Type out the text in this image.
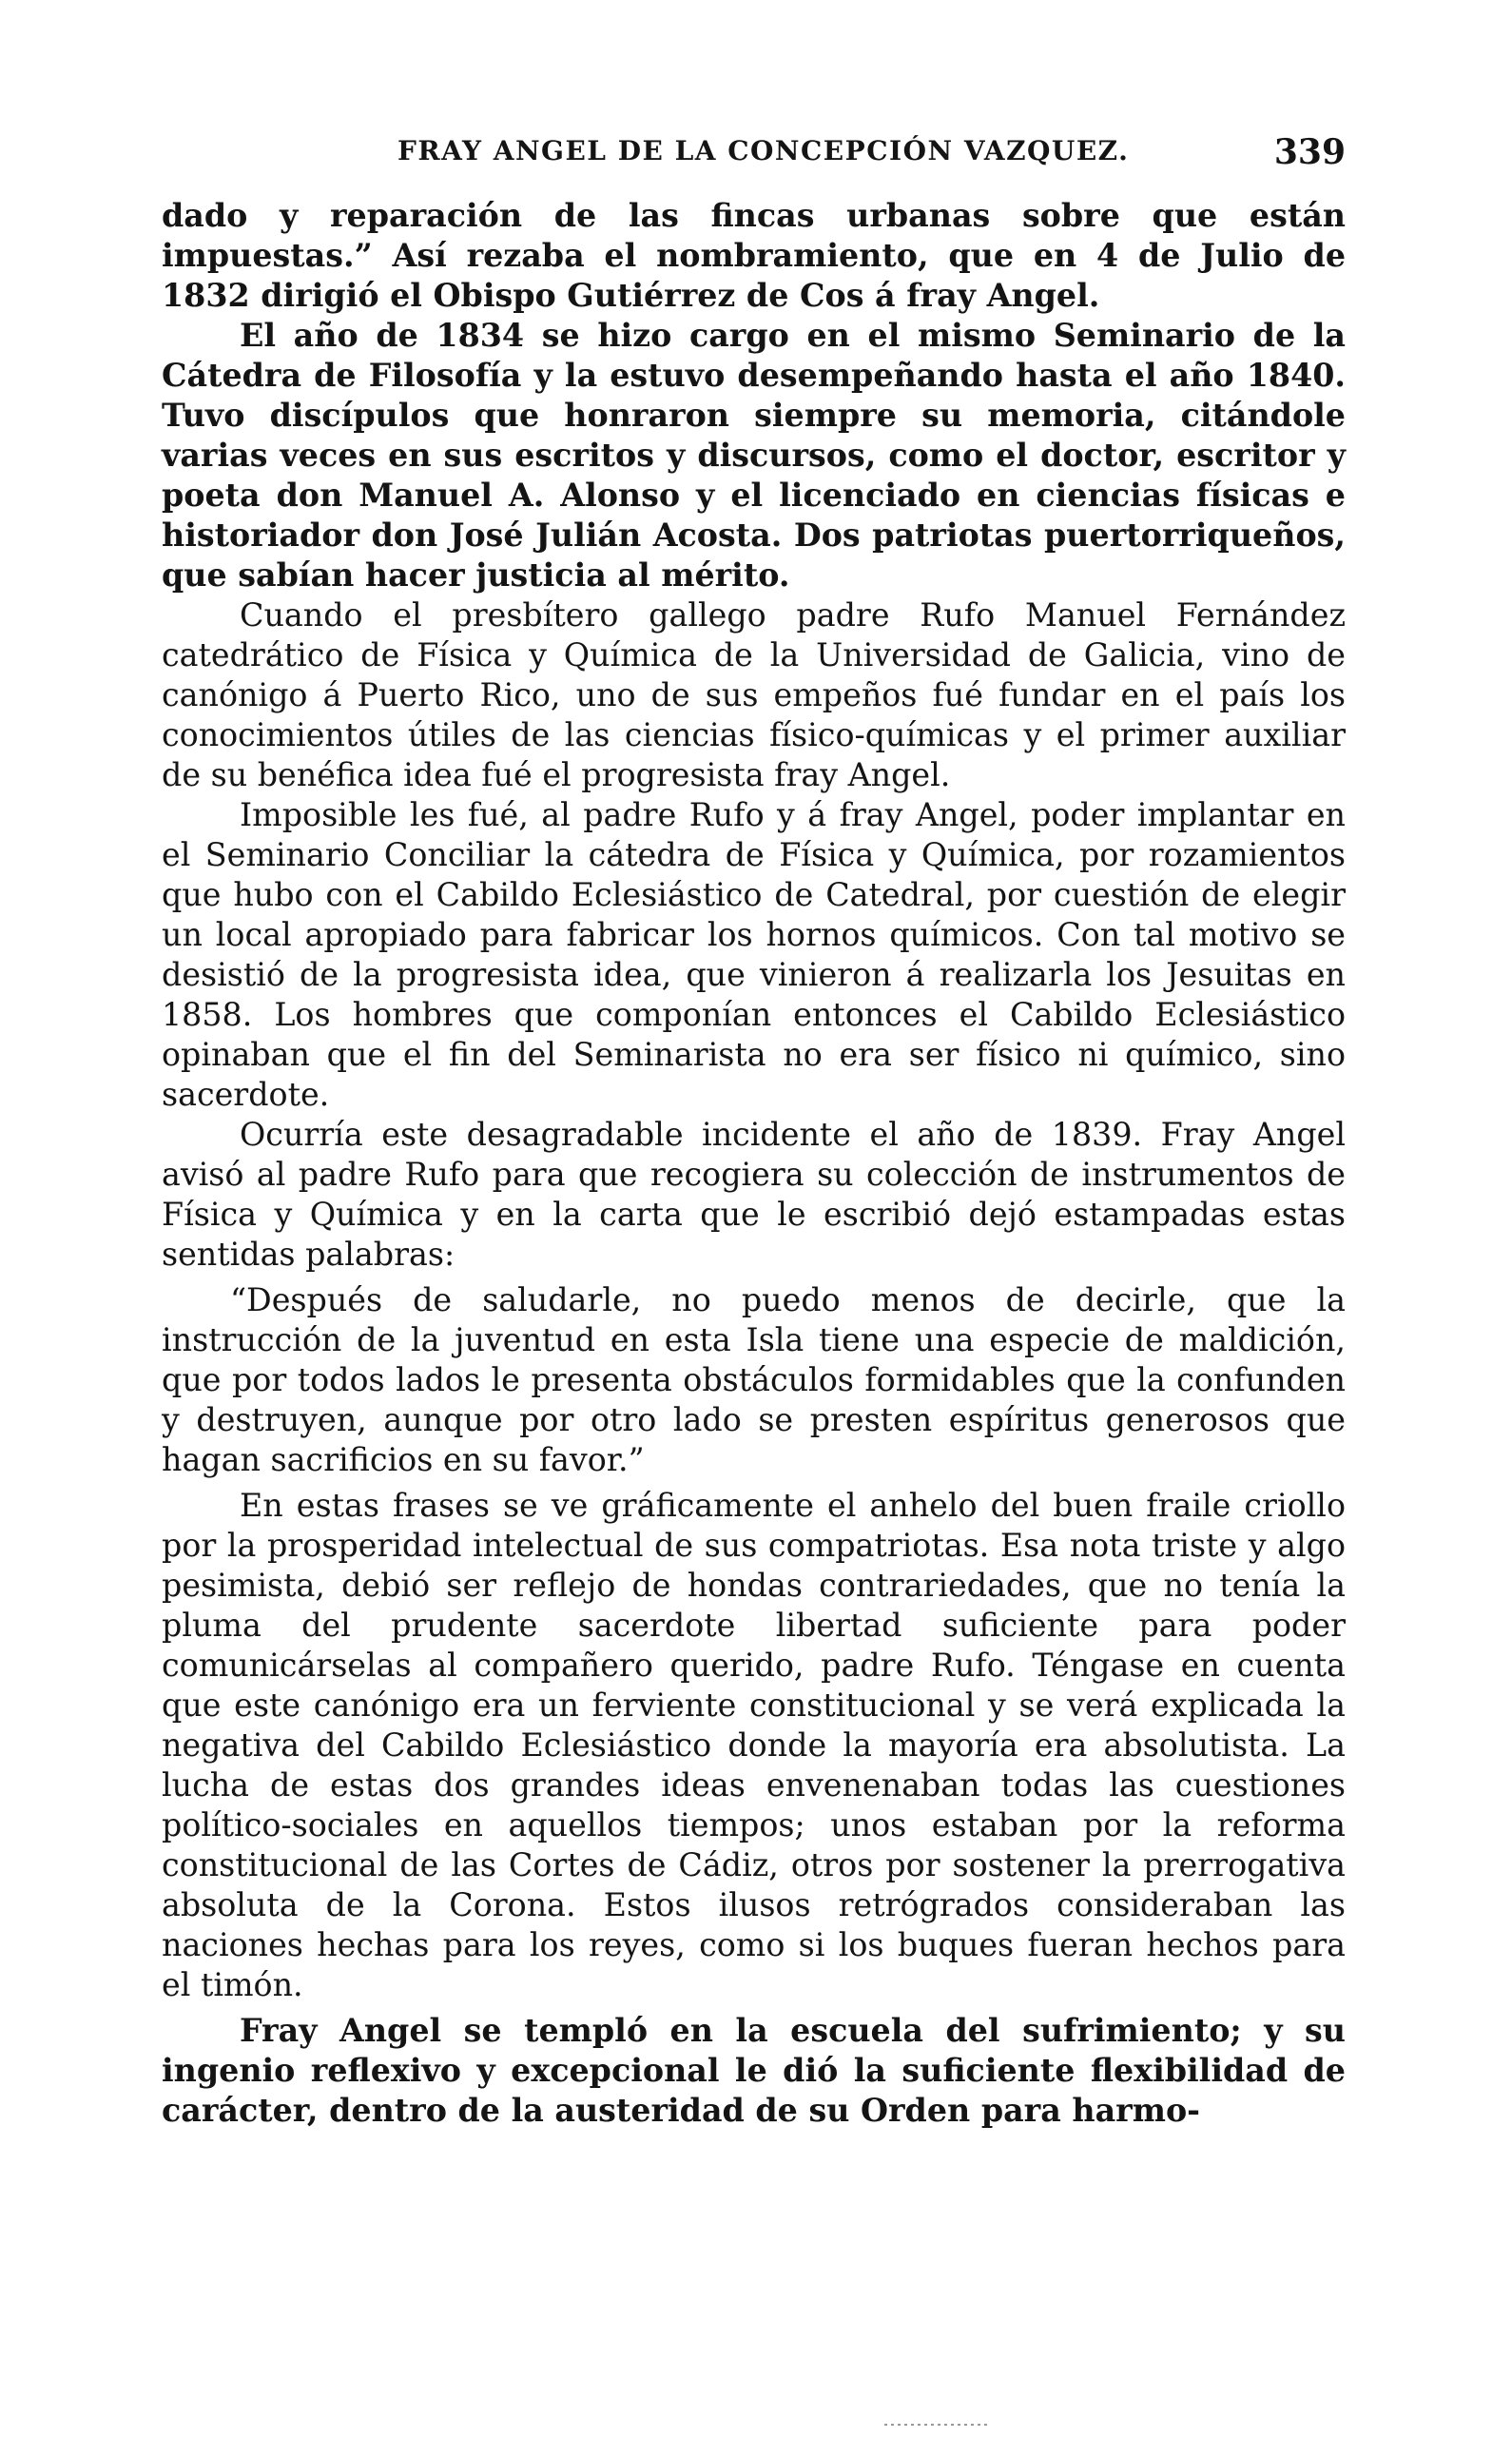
FRAY ANGEL DE LA CONCEPCIÓN VAZQUEZ.	339

dado y reparación de las fincas urbanas sobre que están impuestas.” Así rezaba el nombramiento, que en 4 de Julio de 1832 dirigió el Obispo Gutiérrez de Cos á fray Angel.

El año de 1834 se hizo cargo en el mismo Seminario de la Cátedra de Filosofía y la estuvo desempeñando hasta el año 1840. Tuvo discípulos que honraron siempre su memoria, citándole varias veces en sus escritos y discursos, como el doctor, escritor y poeta don Manuel A. Alonso y el licenciado en ciencias físicas e historiador don José Julián Acosta. Dos patriotas puertorriqueños, que sabían hacer justicia al mérito.

Cuando el presbítero gallego padre Rufo Manuel Fernández catedrático de Física y Química de la Universidad de Galicia, vino de canónigo á Puerto Rico, uno de sus empeños fué fundar en el país los conocimientos útiles de las ciencias físico-químicas y el primer auxiliar de su benéfica idea fué el progresista fray Angel.

Imposible les fué, al padre Rufo y á fray Angel, poder implantar en el Seminario Conciliar la cátedra de Física y Química, por rozamientos que hubo con el Cabildo Eclesiástico de Catedral, por cuestión de elegir un local apropiado para fabricar los hornos químicos. Con tal motivo se desistió de la progresista idea, que vinieron á realizarla los Jesuitas en 1858. Los hombres que componían entonces el Cabildo Eclesiástico opinaban que el fin del Seminarista no era ser físico ni químico, sino sacerdote.

Ocurría este desagradable incidente el año de 1839. Fray Angel avisó al padre Rufo para que recogiera su colección de instrumentos de Física y Química y en la carta que le escribió dejó estampadas estas sentidas palabras:

“Después de saludarle, no puedo menos de decirle, que la instrucción de la juventud en esta Isla tiene una especie de maldición, que por todos lados le presenta obstáculos formidables que la confunden y destruyen, aunque por otro lado se presten espíritus generosos que hagan sacrificios en su favor.”

En estas frases se ve gráficamente el anhelo del buen fraile criollo por la prosperidad intelectual de sus compatriotas. Esa nota triste y algo pesimista, debió ser reflejo de hondas contrariedades, que no tenía la pluma del prudente sacerdote libertad suficiente para poder comunicárselas al compañero querido, padre Rufo. Téngase en cuenta que este canónigo era un ferviente constitucional y se verá explicada la negativa del Cabildo Eclesiástico donde la mayoría era absolutista. La lucha de estas dos grandes ideas envenenaban todas las cuestiones político-sociales en aquellos tiempos; unos estaban por la reforma constitucional de las Cortes de Cádiz, otros por sostener la prerrogativa absoluta de la Corona. Estos ilusos retrógrados consideraban las naciones hechas para los reyes, como si los buques fueran hechos para el timón.

Fray Angel se templó en la escuela del sufrimiento; y su ingenio reflexivo y excepcional le dió la suficiente flexibilidad de carácter, dentro de la austeridad de su Orden para harmo-
